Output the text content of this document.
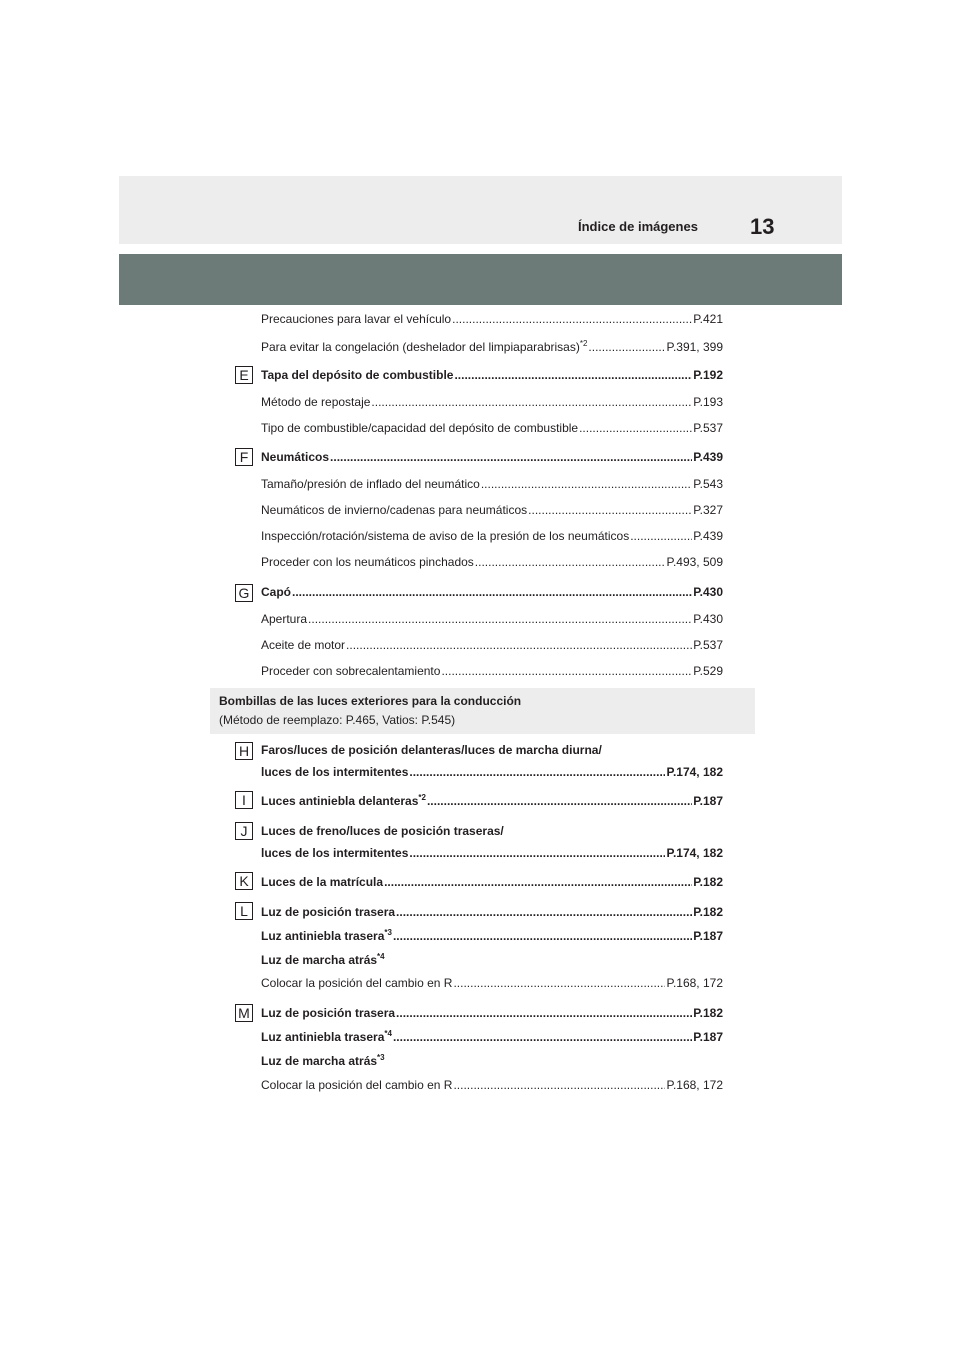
Índice de imágenes 13
Precauciones para lavar el vehículo .....	P.421
Para evitar la congelación (deshelador del limpiaparabrisas)$^{*2}$ .....	P.391, 399
E	Tapa del depósito de combustible .....	P.192
Método de repostaje .....	P.193
Tipo de combustible/capacidad del depósito de combustible .....	P.537
F	Neumáticos .....	P.439
Tamaño/presión de inflado del neumático .....	P.543
Neumáticos de invierno/cadenas para neumáticos .....	P.327
Inspección/rotación/sistema de aviso de la presión de los neumáticos .....	P.439
Proceder con los neumáticos pinchados .....	P.493, 509
G Capó .....	P.430
Apertura .....	P.430
Aceite de motor .....	P.537
Proceder con sobrecalentamiento .....	P.529
Bombillas de las luces exteriores para la conducción
(Método de reemplazo: P.465, Vatios: P.545)
H Faros/luces de posición delanteras/luces de marcha diurna/
luces de los intermitentes .....	P.174, 182
I	Luces antiniebla delanteras$^{*2}$ .....	P.187
J	Luces de freno/luces de posición traseras/
luces de los intermitentes .....	P.174, 182
K	Luces de la matrícula .....	P.182
L	Luz de posición trasera .....	P.182
Luz antiniebla trasera$^{*3}$ .....	P.187
Luz de marcha atrás$^{*4}$
Colocar la posición del cambio en R .....	P.168, 172
M Luz de posición trasera .....	P.182
Luz antiniebla trasera$^{*4}$ .....	P.187
Luz de marcha atrás$^{*3}$
Colocar la posición del cambio en R .....	P.168, 172
